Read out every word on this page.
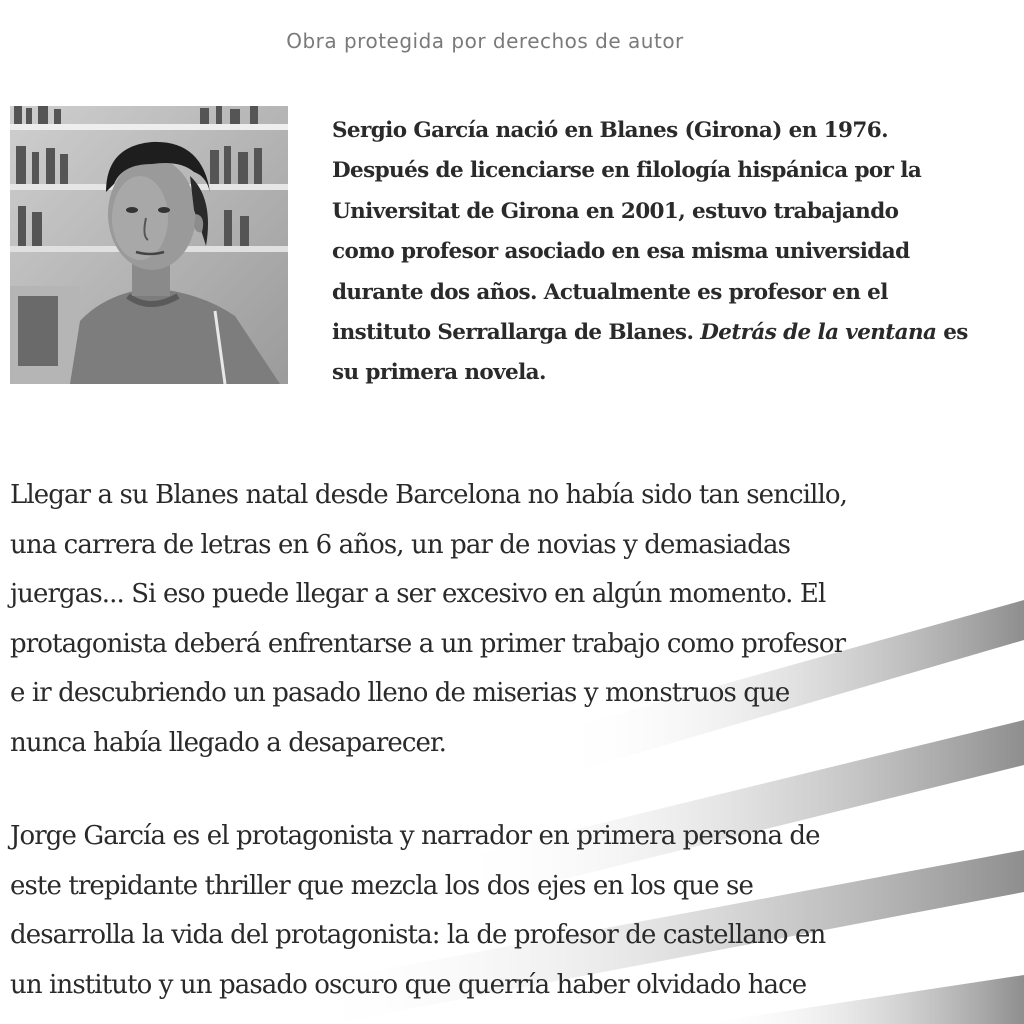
Obra protegida por derechos de autor
Sergio García nació en Blanes (Girona) en 1976.
Después de licenciarse en filología hispánica por la
Universitat de Girona en 2001, estuvo trabajando
como profesor asociado en esa misma universidad
durante dos años. Actualmente es profesor en el
instituto Serrallarga de Blanes. Detrás de la ventana es
su primera novela.
Llegar a su Blanes natal desde Barcelona no había sido tan sencillo,
una carrera de letras en 6 años, un par de novias y demasiadas
juergas... Si eso puede llegar a ser excesivo en algún momento. El
protagonista deberá enfrentarse a un primer trabajo como profesor
e ir descubriendo un pasado lleno de miserias y monstruos que
nunca había llegado a desaparecer.
Jorge García es el protagonista y narrador en primera persona de
este trepidante thriller que mezcla los dos ejes en los que se
desarrolla la vida del protagonista: la de profesor de castellano en
un instituto y un pasado oscuro que querría haber olvidado hace
